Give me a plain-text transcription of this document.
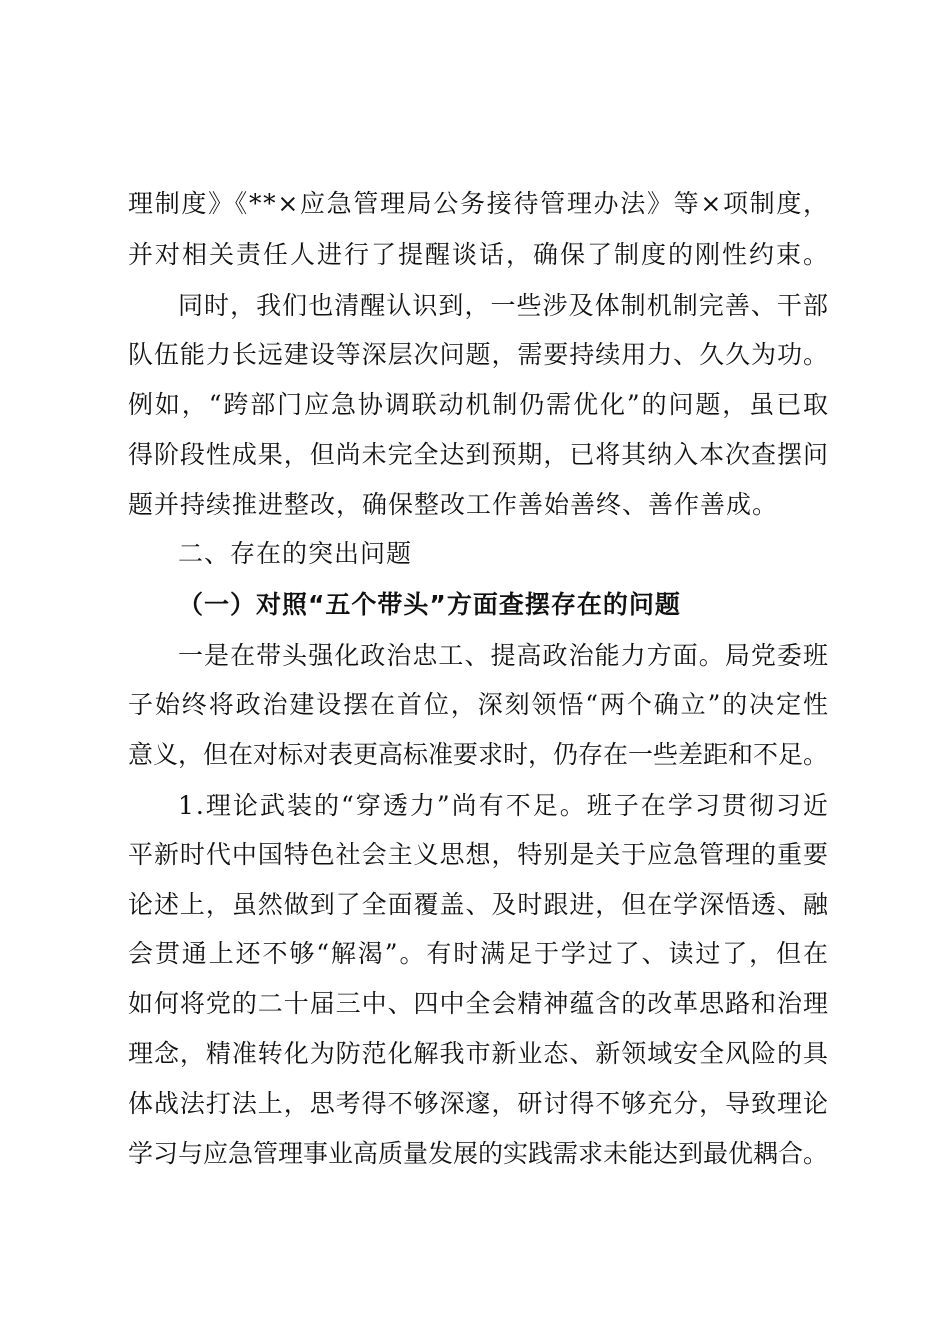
理制度》《**×应急管理局公务接待管理办法》等×项制度，
并对相关责任人进行了提醒谈话，确保了制度的刚性约束。
同时，我们也清醒认识到，一些涉及体制机制完善、干部
队伍能力长远建设等深层次问题，需要持续用力、久久为功。
例如，“跨部门应急协调联动机制仍需优化”的问题，虽已取
得阶段性成果，但尚未完全达到预期，已将其纳入本次查摆问
题并持续推进整改，确保整改工作善始善终、善作善成。
二、存在的突出问题
（一）对照“五个带头”方面查摆存在的问题
一是在带头强化政治忠工、提高政治能力方面。局党委班
子始终将政治建设摆在首位，深刻领悟“两个确立”的决定性
意义，但在对标对表更高标准要求时，仍存在一些差距和不足。
1.理论武装的“穿透力”尚有不足。班子在学习贯彻习近
平新时代中国特色社会主义思想，特别是关于应急管理的重要
论述上，虽然做到了全面覆盖、及时跟进，但在学深悟透、融
会贯通上还不够“解渴”。有时满足于学过了、读过了，但在
如何将党的二十届三中、四中全会精神蕴含的改革思路和治理
理念，精准转化为防范化解我市新业态、新领域安全风险的具
体战法打法上，思考得不够深邃，研讨得不够充分，导致理论
学习与应急管理事业高质量发展的实践需求未能达到最优耦合。
